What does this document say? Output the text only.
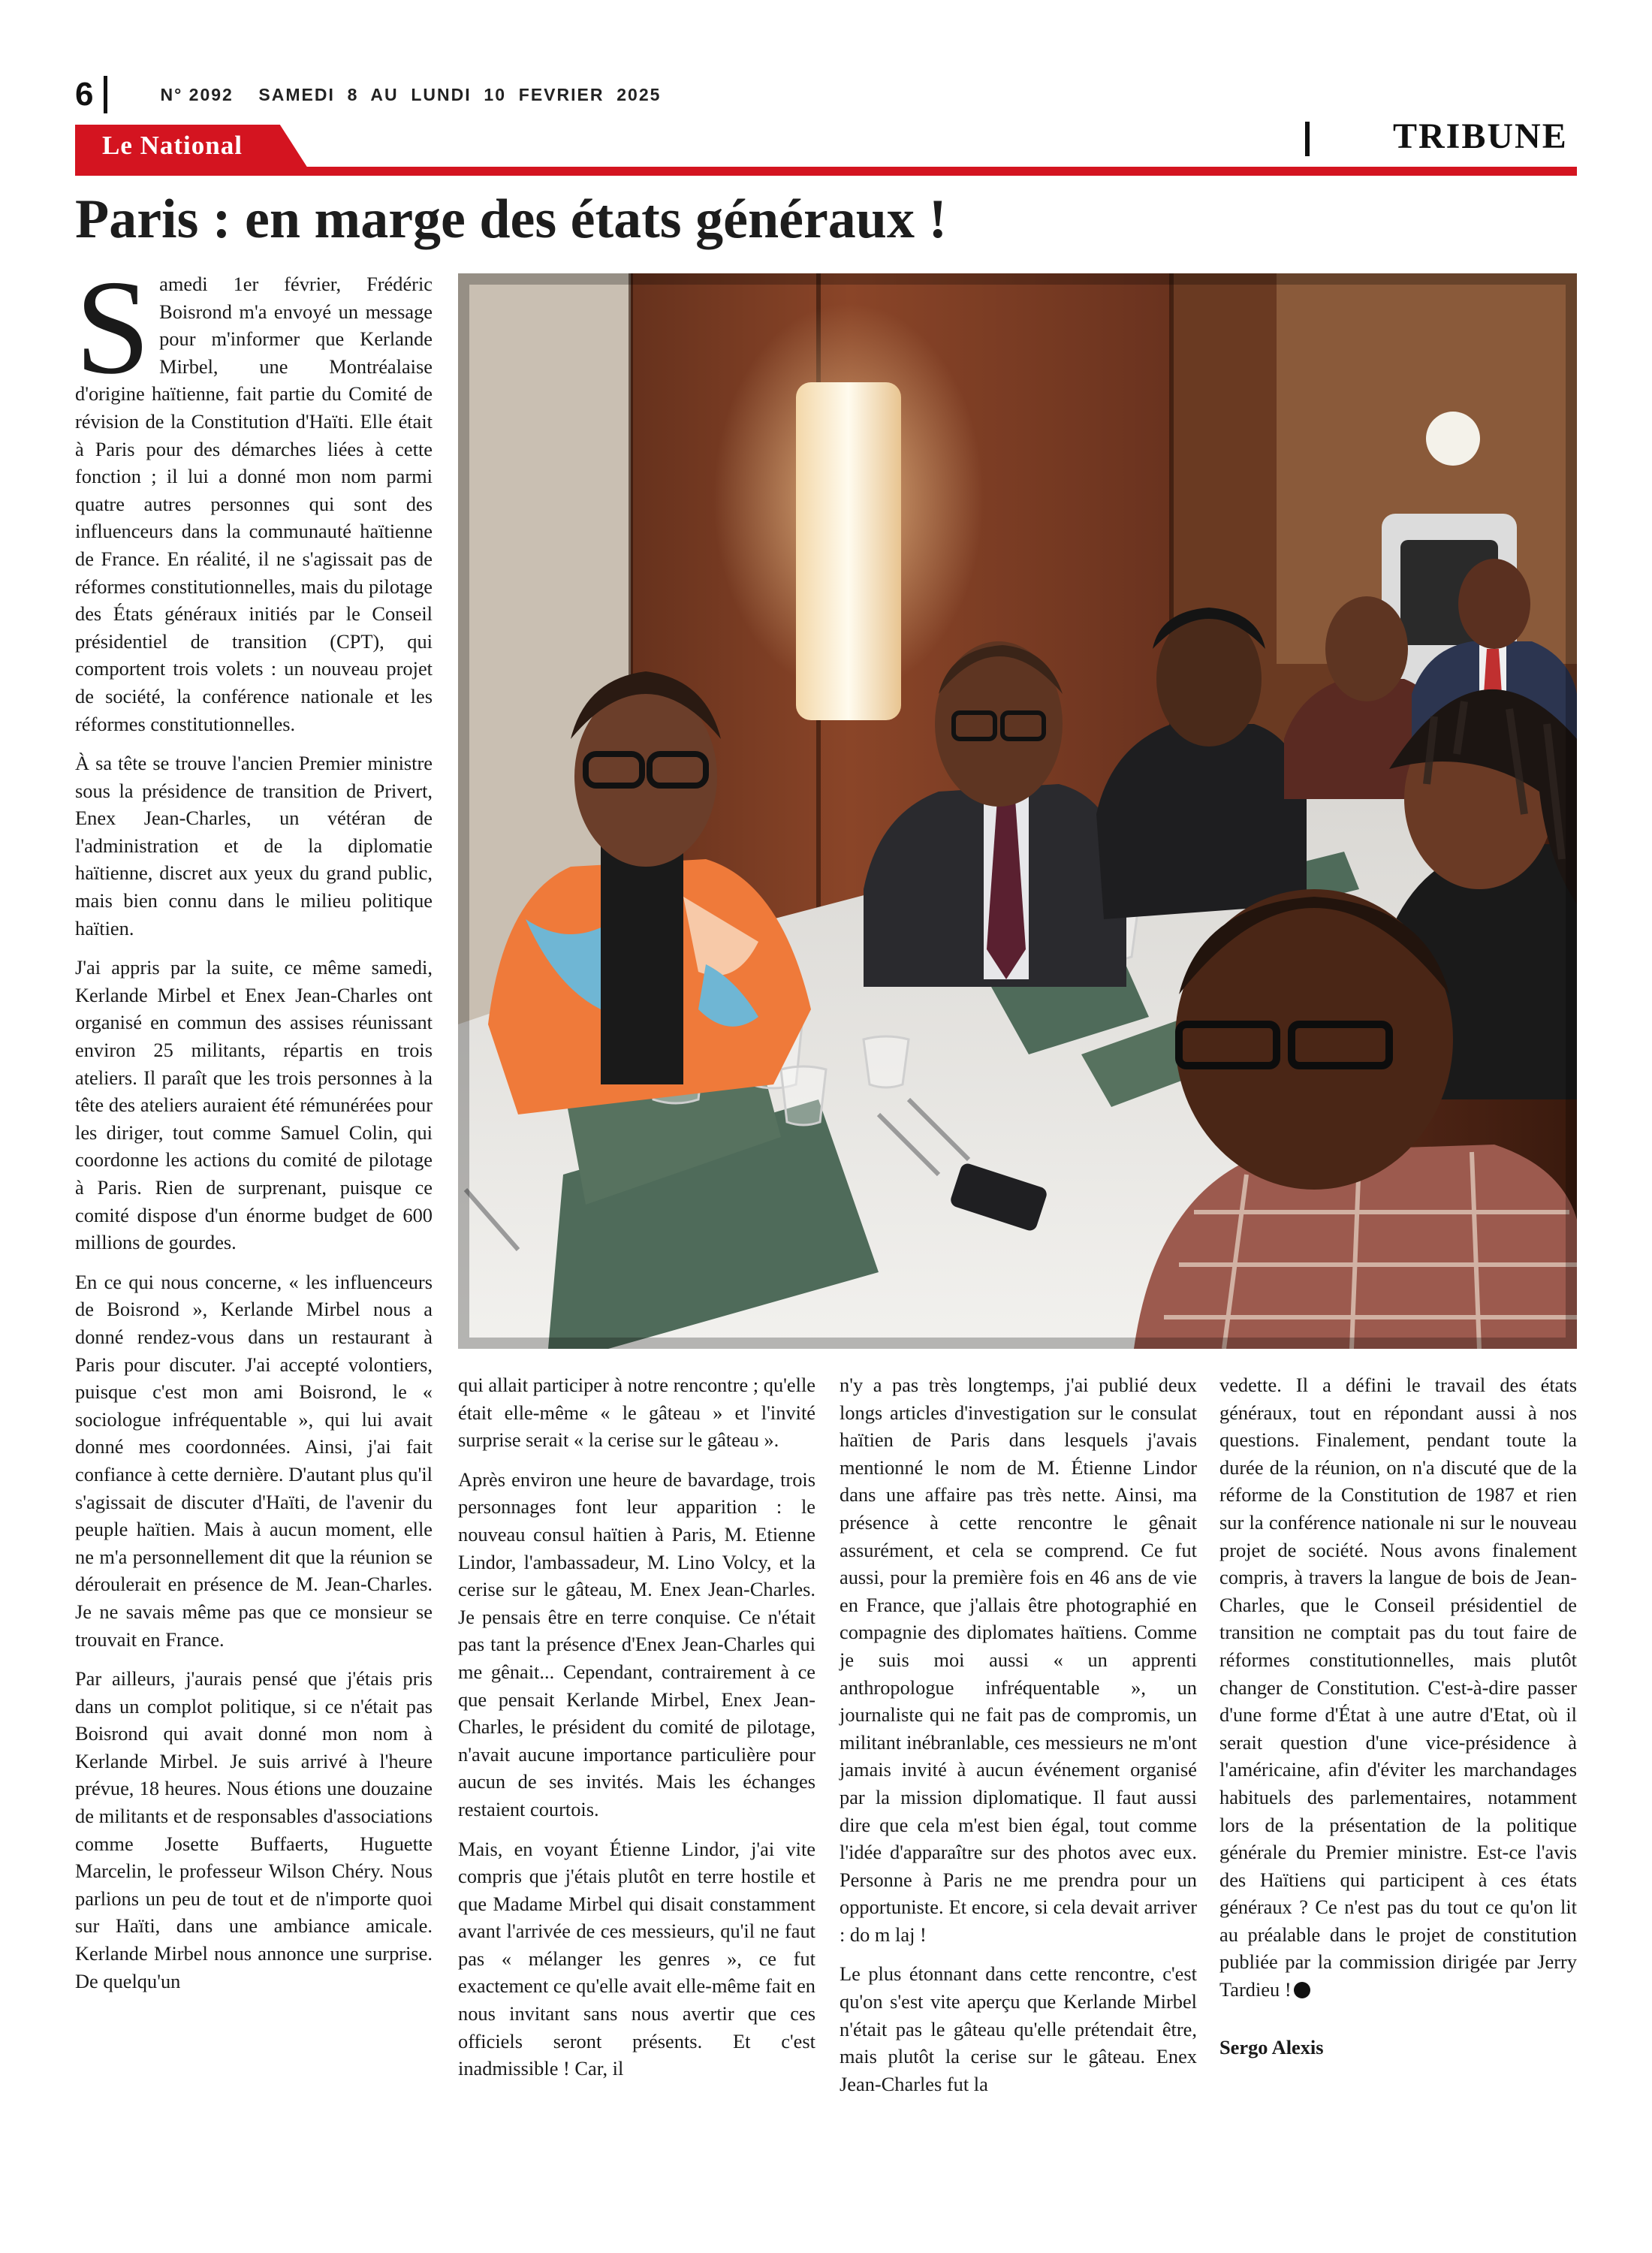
6	N° 2092    SAMEDI  8  AU  LUNDI  10  FEVRIER  2025
Le National	TRIBUNE
Paris : en marge des états généraux !

Samedi 1er février, Frédéric Boisrond m'a envoyé un message pour m'informer que Kerlande Mirbel, une Montréalaise d'origine haïtienne, fait partie du Comité de révision de la Constitution d'Haïti. Elle était à Paris pour des démarches liées à cette fonction ; il lui a donné mon nom parmi quatre autres personnes qui sont des influenceurs dans la communauté haïtienne de France. En réalité, il ne s'agissait pas de réformes constitutionnelles, mais du pilotage des États généraux initiés par le Conseil présidentiel de transition (CPT), qui comportent trois volets : un nouveau projet de société, la conférence nationale et les réformes constitutionnelles.

À sa tête se trouve l'ancien Premier ministre sous la présidence de transition de Privert, Enex Jean-Charles, un vétéran de l'administration et de la diplomatie haïtienne, discret aux yeux du grand public, mais bien connu dans le milieu politique haïtien.

J'ai appris par la suite, ce même samedi, Kerlande Mirbel et Enex Jean-Charles ont organisé en commun des assises réunissant environ 25 militants, répartis en trois ateliers. Il paraît que les trois personnes à la tête des ateliers auraient été rémunérées pour les diriger, tout comme Samuel Colin, qui coordonne les actions du comité de pilotage à Paris. Rien de surprenant, puisque ce comité dispose d'un énorme budget de 600 millions de gourdes.

En ce qui nous concerne, « les influenceurs de Boisrond », Kerlande Mirbel nous a donné rendez-vous dans un restaurant à Paris pour discuter. J'ai accepté volontiers, puisque c'est mon ami Boisrond, le « sociologue infréquentable », qui lui avait donné mes coordonnées. Ainsi, j'ai fait confiance à cette dernière. D'autant plus qu'il s'agissait de discuter d'Haïti, de l'avenir du peuple haïtien. Mais à aucun moment, elle ne m'a personnellement dit que la réunion se déroulerait en présence de M. Jean-Charles. Je ne savais même pas que ce monsieur se trouvait en France.

Par ailleurs, j'aurais pensé que j'étais pris dans un complot politique, si ce n'était pas Boisrond qui avait donné mon nom à Kerlande Mirbel. Je suis arrivé à l'heure prévue, 18 heures. Nous étions une douzaine de militants et de responsables d'associations comme Josette Buffaerts, Huguette Marcelin, le professeur Wilson Chéry. Nous parlions un peu de tout et de n'importe quoi sur Haïti, dans une ambiance amicale. Kerlande Mirbel nous annonce une surprise. De quelqu'un

qui allait participer à notre rencontre ; qu'elle était elle-même « le gâteau » et l'invité surprise serait « la cerise sur le gâteau ».

Après environ une heure de bavardage, trois personnages font leur apparition : le nouveau consul haïtien à Paris, M. Etienne Lindor, l'ambassadeur, M. Lino Volcy, et la cerise sur le gâteau, M. Enex Jean-Charles. Je pensais être en terre conquise. Ce n'était pas tant la présence d'Enex Jean-Charles qui me gênait... Cependant, contrairement à ce que pensait Kerlande Mirbel, Enex Jean-Charles, le président du comité de pilotage, n'avait aucune importance particulière pour aucun de ses invités. Mais les échanges restaient courtois.

Mais, en voyant Étienne Lindor, j'ai vite compris que j'étais plutôt en terre hostile et que Madame Mirbel qui disait constamment avant l'arrivée de ces messieurs, qu'il ne faut pas « mélanger les genres », ce fut exactement ce qu'elle avait elle-même fait en nous invitant sans nous avertir que ces officiels seront présents. Et c'est inadmissible ! Car, il

n'y a pas très longtemps, j'ai publié deux longs articles d'investigation sur le consulat haïtien de Paris dans lesquels j'avais mentionné le nom de M. Étienne Lindor dans une affaire pas très nette. Ainsi, ma présence à cette rencontre le gênait assurément, et cela se comprend. Ce fut aussi, pour la première fois en 46 ans de vie en France, que j'allais être photographié en compagnie des diplomates haïtiens. Comme je suis moi aussi « un apprenti anthropologue infréquentable », un journaliste qui ne fait pas de compromis, un militant inébranlable, ces messieurs ne m'ont jamais invité à aucun événement organisé par la mission diplomatique. Il faut aussi dire que cela m'est bien égal, tout comme l'idée d'apparaître sur des photos avec eux. Personne à Paris ne me prendra pour un opportuniste. Et encore, si cela devait arriver : do m laj !

Le plus étonnant dans cette rencontre, c'est qu'on s'est vite aperçu que Kerlande Mirbel n'était pas le gâteau qu'elle prétendait être, mais plutôt la cerise sur le gâteau. Enex Jean-Charles fut la

vedette. Il a défini le travail des états généraux, tout en répondant aussi à nos questions. Finalement, pendant toute la durée de la réunion, on n'a discuté que de la réforme de la Constitution de 1987 et rien sur la conférence nationale ni sur le nouveau projet de société. Nous avons finalement compris, à travers la langue de bois de Jean-Charles, que le Conseil présidentiel de transition ne comptait pas du tout faire de réformes constitutionnelles, mais plutôt changer de Constitution. C'est-à-dire passer d'une forme d'État à une autre d'Etat, où il serait question d'une vice-présidence à l'américaine, afin d'éviter les marchandages habituels des parlementaires, notamment lors de la présentation de la politique générale du Premier ministre. Est-ce l'avis des Haïtiens qui participent à ces états généraux ? Ce n'est pas du tout ce qu'on lit au préalable dans le projet de constitution publiée par la commission dirigée par Jerry Tardieu !

Sergo Alexis
